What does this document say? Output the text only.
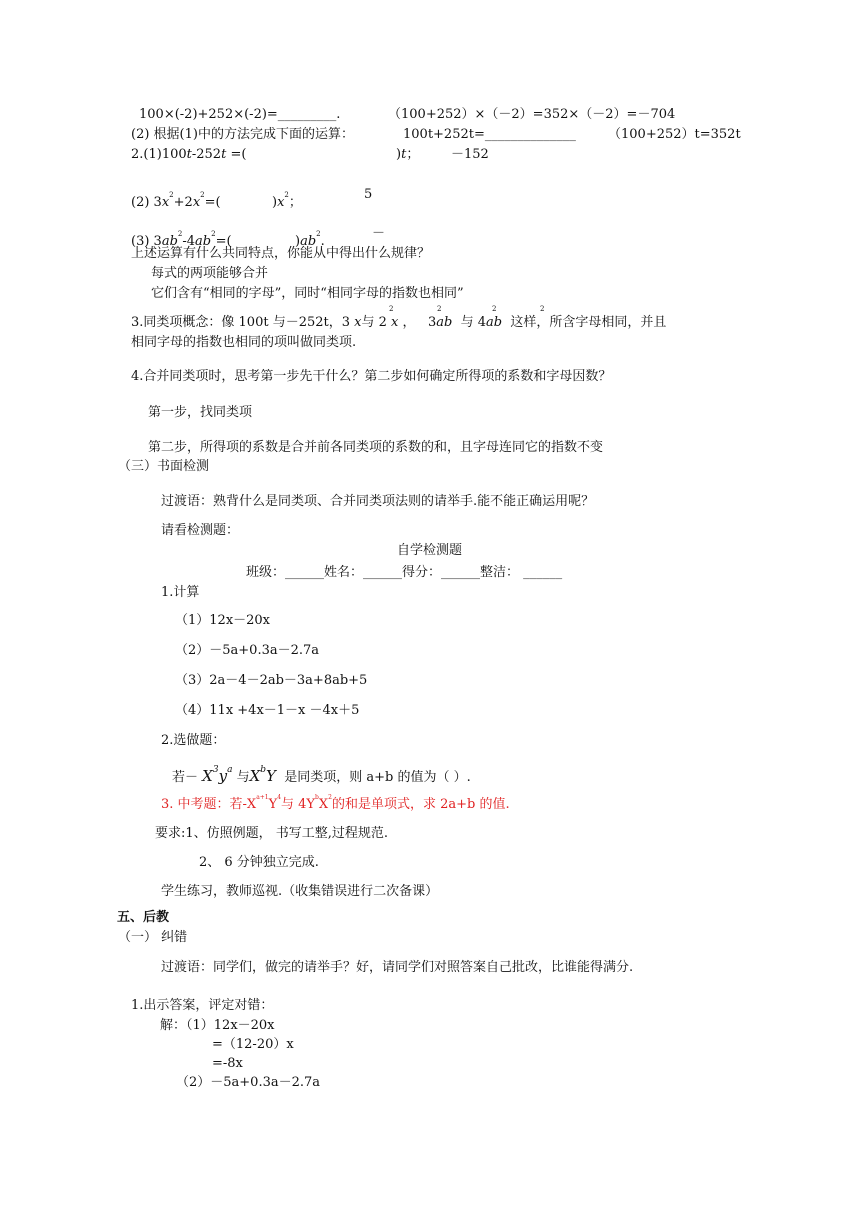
100×(-2)+252×(-2)=_________.	（100+252）×（－2）=352×（－2）=－704
(2) 根据(1)中的方法完成下面的运算：	100t+252t=______________ （100+252）t=352t
2.(1)100t-252t =(	)t； －152
(2) $3x^2+2x^2=$(	)$x^2$；
5
(3) $3ab^2-4ab^2=$(	)$ab^2$.
－
上述运算有什么共同特点，你能从中得出什么规律？
每式的两项能够合并
它们含有“相同的字母”，同时“相同字母的指数也相同”
2	2	2	2
3.同类项概念：像 100t 与－252t，3 x与 2 x ， 3ab 与 4ab 这样，所含字母相同，并且
相同字母的指数也相同的项叫做同类项.
4.合并同类项时，思考第一步先干什么？第二步如何确定所得项的系数和字母因数？
第一步，找同类项
第二步，所得项的系数是合并前各同类项的系数的和，且字母连同它的指数不变
（三）书面检测
过渡语：熟背什么是同类项、合并同类项法则的请举手.能不能正确运用呢？
请看检测题：
自学检测题
班级：______姓名：______得分：______整洁： ______
1.计算
（1）12x－20x
（2）－5a+0.3a－2.7a
（3）2a－4－2ab－3a+8ab+5
（4）11x +4x－1－x －4x＋5
2.选做题：
若－ $X^3y^a$ 与$X^bY$ 是同类项，则 a+b 的值为（ ）.
3. 中考题：若$-X^{a+1}Y^4$与 $4Y^bX^2$的和是单项式，求 2a+b 的值.
要求:1、仿照例题， 书写工整,过程规范.
2、 6 分钟独立完成.
学生练习，教师巡视.（收集错误进行二次备课）
五、后教
（一） 纠错
过渡语：同学们，做完的请举手？好，请同学们对照答案自己批改，比谁能得满分.
1.出示答案，评定对错：
解：（1）12x－20x
=（12-20）x
=-8x
（2）－5a+0.3a－2.7a
